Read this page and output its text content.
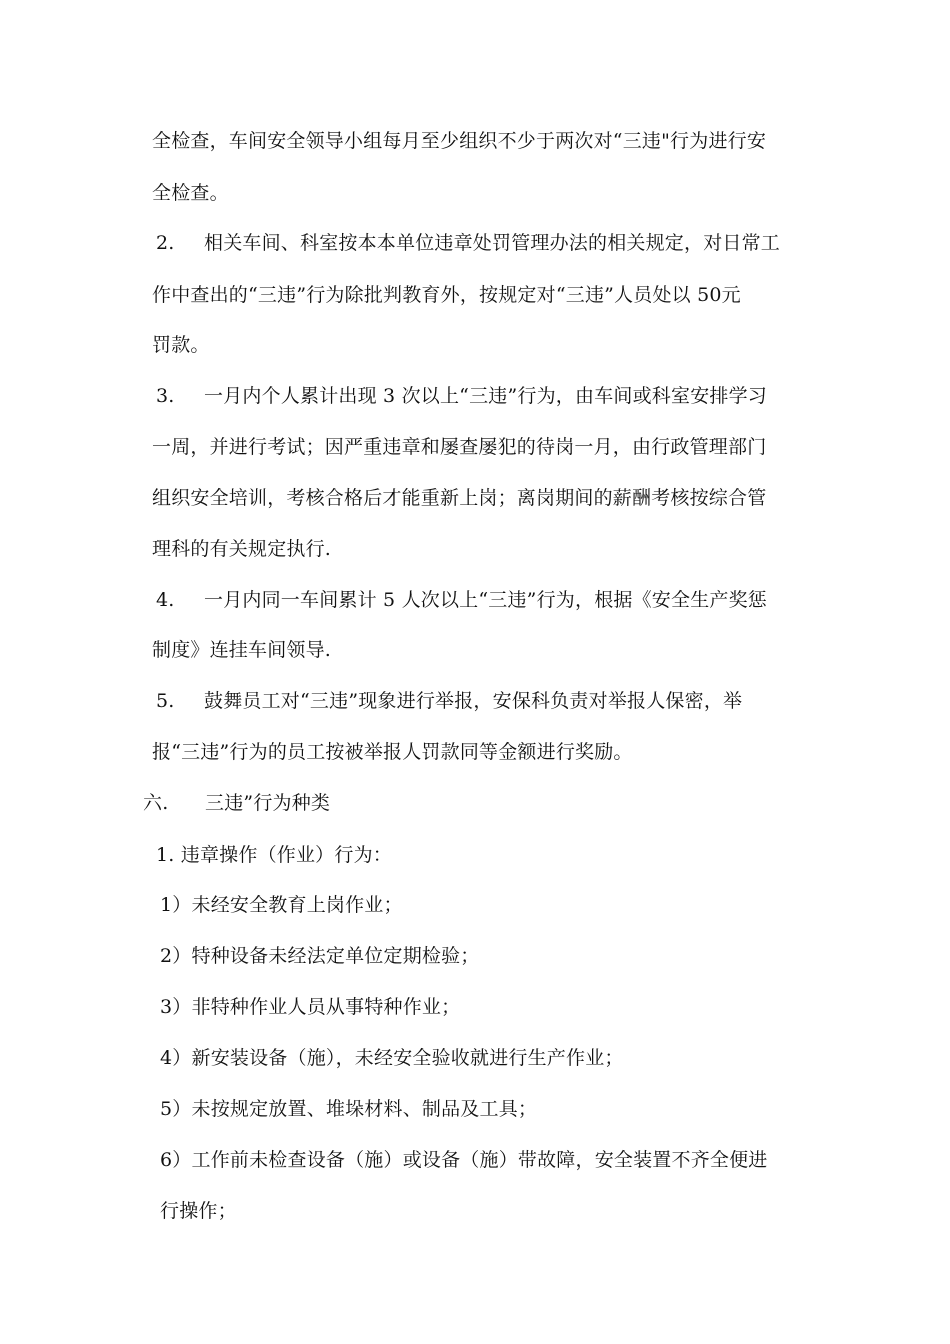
全检查，车间安全领导小组每月至少组织不少于两次对“三违"行为进行安
全检查。
2. 相关车间、科室按本本单位违章处罚管理办法的相关规定，对日常工
作中查出的“三违”行为除批判教育外，按规定对“三违”人员处以 50元
罚款。
3. 一月内个人累计出现 3 次以上“三违”行为，由车间或科室安排学习
一周，并进行考试；因严重违章和屡查屡犯的待岗一月，由行政管理部门
组织安全培训，考核合格后才能重新上岗；离岗期间的薪酬考核按综合管
理科的有关规定执行.
4. 一月内同一车间累计 5 人次以上“三违”行为，根据《安全生产奖惩
制度》连挂车间领导.
5. 鼓舞员工对“三违”现象进行举报，安保科负责对举报人保密，举
报“三违”行为的员工按被举报人罚款同等金额进行奖励。
六. 三违”行为种类
1. 违章操作（作业）行为：
1）未经安全教育上岗作业；
2）特种设备未经法定单位定期检验；
3）非特种作业人员从事特种作业；
4）新安装设备（施），未经安全验收就进行生产作业；
5）未按规定放置、堆垛材料、制品及工具；
6）工作前未检查设备（施）或设备（施）带故障，安全装置不齐全便进
行操作；
